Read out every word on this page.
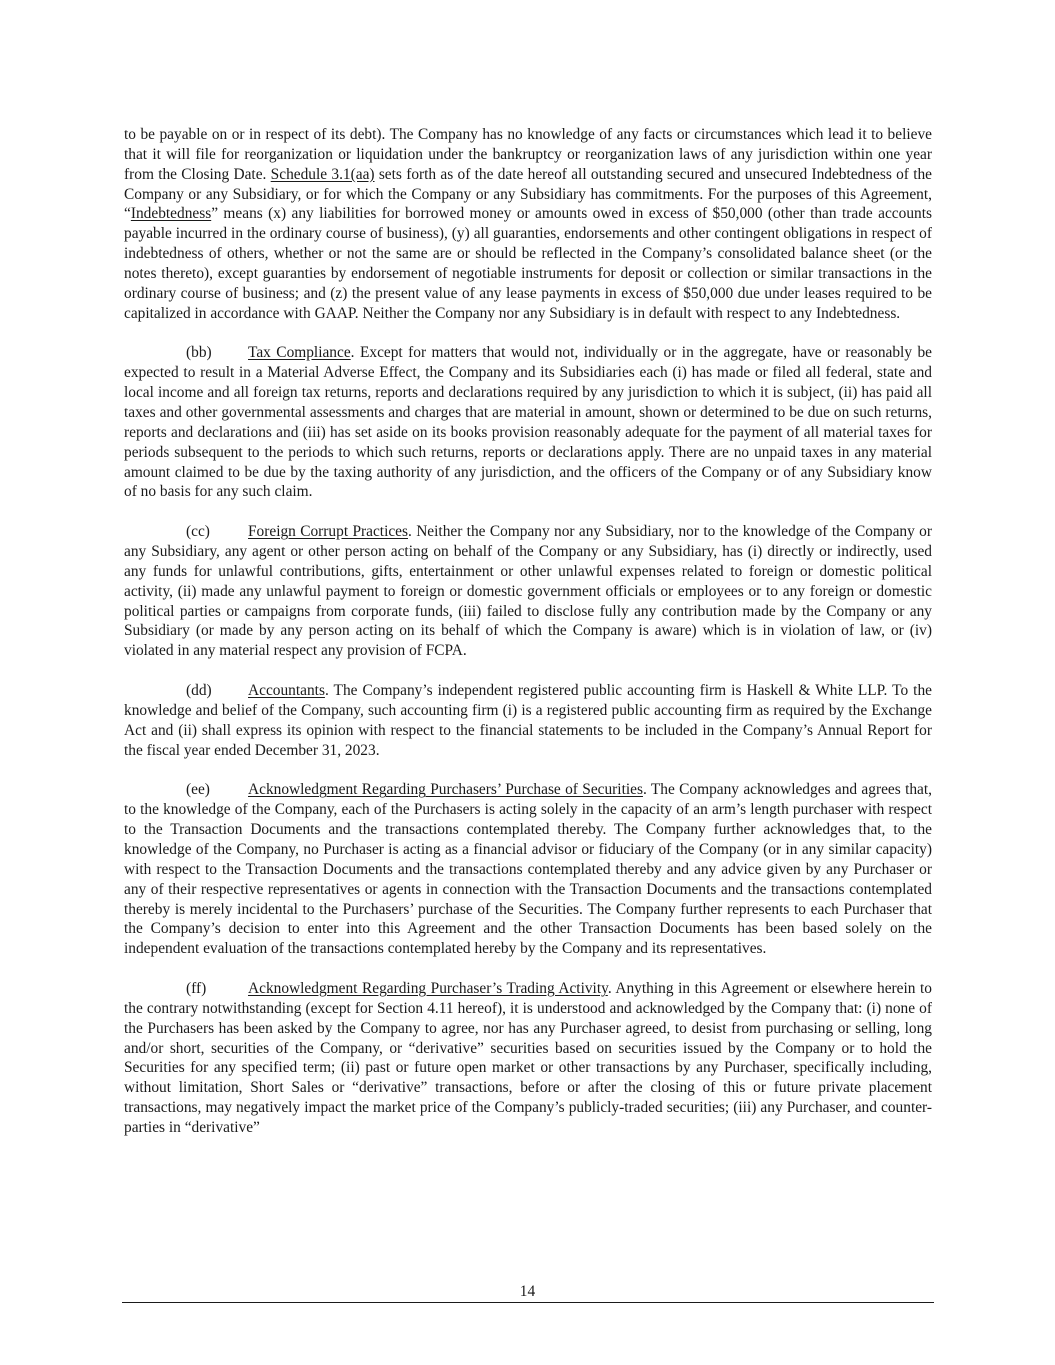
to be payable on or in respect of its debt). The Company has no knowledge of any facts or circumstances which lead it to believe that it will file for reorganization or liquidation under the bankruptcy or reorganization laws of any jurisdiction within one year from the Closing Date. Schedule 3.1(aa) sets forth as of the date hereof all outstanding secured and unsecured Indebtedness of the Company or any Subsidiary, or for which the Company or any Subsidiary has commitments. For the purposes of this Agreement, “Indebtedness” means (x) any liabilities for borrowed money or amounts owed in excess of $50,000 (other than trade accounts payable incurred in the ordinary course of business), (y) all guaranties, endorsements and other contingent obligations in respect of indebtedness of others, whether or not the same are or should be reflected in the Company’s consolidated balance sheet (or the notes thereto), except guaranties by endorsement of negotiable instruments for deposit or collection or similar transactions in the ordinary course of business; and (z) the present value of any lease payments in excess of $50,000 due under leases required to be capitalized in accordance with GAAP. Neither the Company nor any Subsidiary is in default with respect to any Indebtedness.

(bb) Tax Compliance. Except for matters that would not, individually or in the aggregate, have or reasonably be expected to result in a Material Adverse Effect, the Company and its Subsidiaries each (i) has made or filed all federal, state and local income and all foreign tax returns, reports and declarations required by any jurisdiction to which it is subject, (ii) has paid all taxes and other governmental assessments and charges that are material in amount, shown or determined to be due on such returns, reports and declarations and (iii) has set aside on its books provision reasonably adequate for the payment of all material taxes for periods subsequent to the periods to which such returns, reports or declarations apply. There are no unpaid taxes in any material amount claimed to be due by the taxing authority of any jurisdiction, and the officers of the Company or of any Subsidiary know of no basis for any such claim.

(cc) Foreign Corrupt Practices. Neither the Company nor any Subsidiary, nor to the knowledge of the Company or any Subsidiary, any agent or other person acting on behalf of the Company or any Subsidiary, has (i) directly or indirectly, used any funds for unlawful contributions, gifts, entertainment or other unlawful expenses related to foreign or domestic political activity, (ii) made any unlawful payment to foreign or domestic government officials or employees or to any foreign or domestic political parties or campaigns from corporate funds, (iii) failed to disclose fully any contribution made by the Company or any Subsidiary (or made by any person acting on its behalf of which the Company is aware) which is in violation of law, or (iv) violated in any material respect any provision of FCPA.

(dd) Accountants. The Company’s independent registered public accounting firm is Haskell & White LLP. To the knowledge and belief of the Company, such accounting firm (i) is a registered public accounting firm as required by the Exchange Act and (ii) shall express its opinion with respect to the financial statements to be included in the Company’s Annual Report for the fiscal year ended December 31, 2023.

(ee) Acknowledgment Regarding Purchasers’ Purchase of Securities. The Company acknowledges and agrees that, to the knowledge of the Company, each of the Purchasers is acting solely in the capacity of an arm’s length purchaser with respect to the Transaction Documents and the transactions contemplated thereby. The Company further acknowledges that, to the knowledge of the Company, no Purchaser is acting as a financial advisor or fiduciary of the Company (or in any similar capacity) with respect to the Transaction Documents and the transactions contemplated thereby and any advice given by any Purchaser or any of their respective representatives or agents in connection with the Transaction Documents and the transactions contemplated thereby is merely incidental to the Purchasers’ purchase of the Securities. The Company further represents to each Purchaser that the Company’s decision to enter into this Agreement and the other Transaction Documents has been based solely on the independent evaluation of the transactions contemplated hereby by the Company and its representatives.

(ff)	Acknowledgment Regarding Purchaser’s Trading Activity. Anything in this Agreement or elsewhere herein to the contrary notwithstanding (except for Section 4.11 hereof), it is understood and acknowledged by the Company that: (i) none of the Purchasers has been asked by the Company to agree, nor has any Purchaser agreed, to desist from purchasing or selling, long and/or short, securities of the Company, or “derivative” securities based on securities issued by the Company or to hold the Securities for any specified term; (ii) past or future open market or other transactions by any Purchaser, specifically including, without limitation, Short Sales or “derivative” transactions, before or after the closing of this or future private placement transactions, may negatively impact the market price of the Company’s publicly-traded securities; (iii) any Purchaser, and counter-parties in “derivative”

14
